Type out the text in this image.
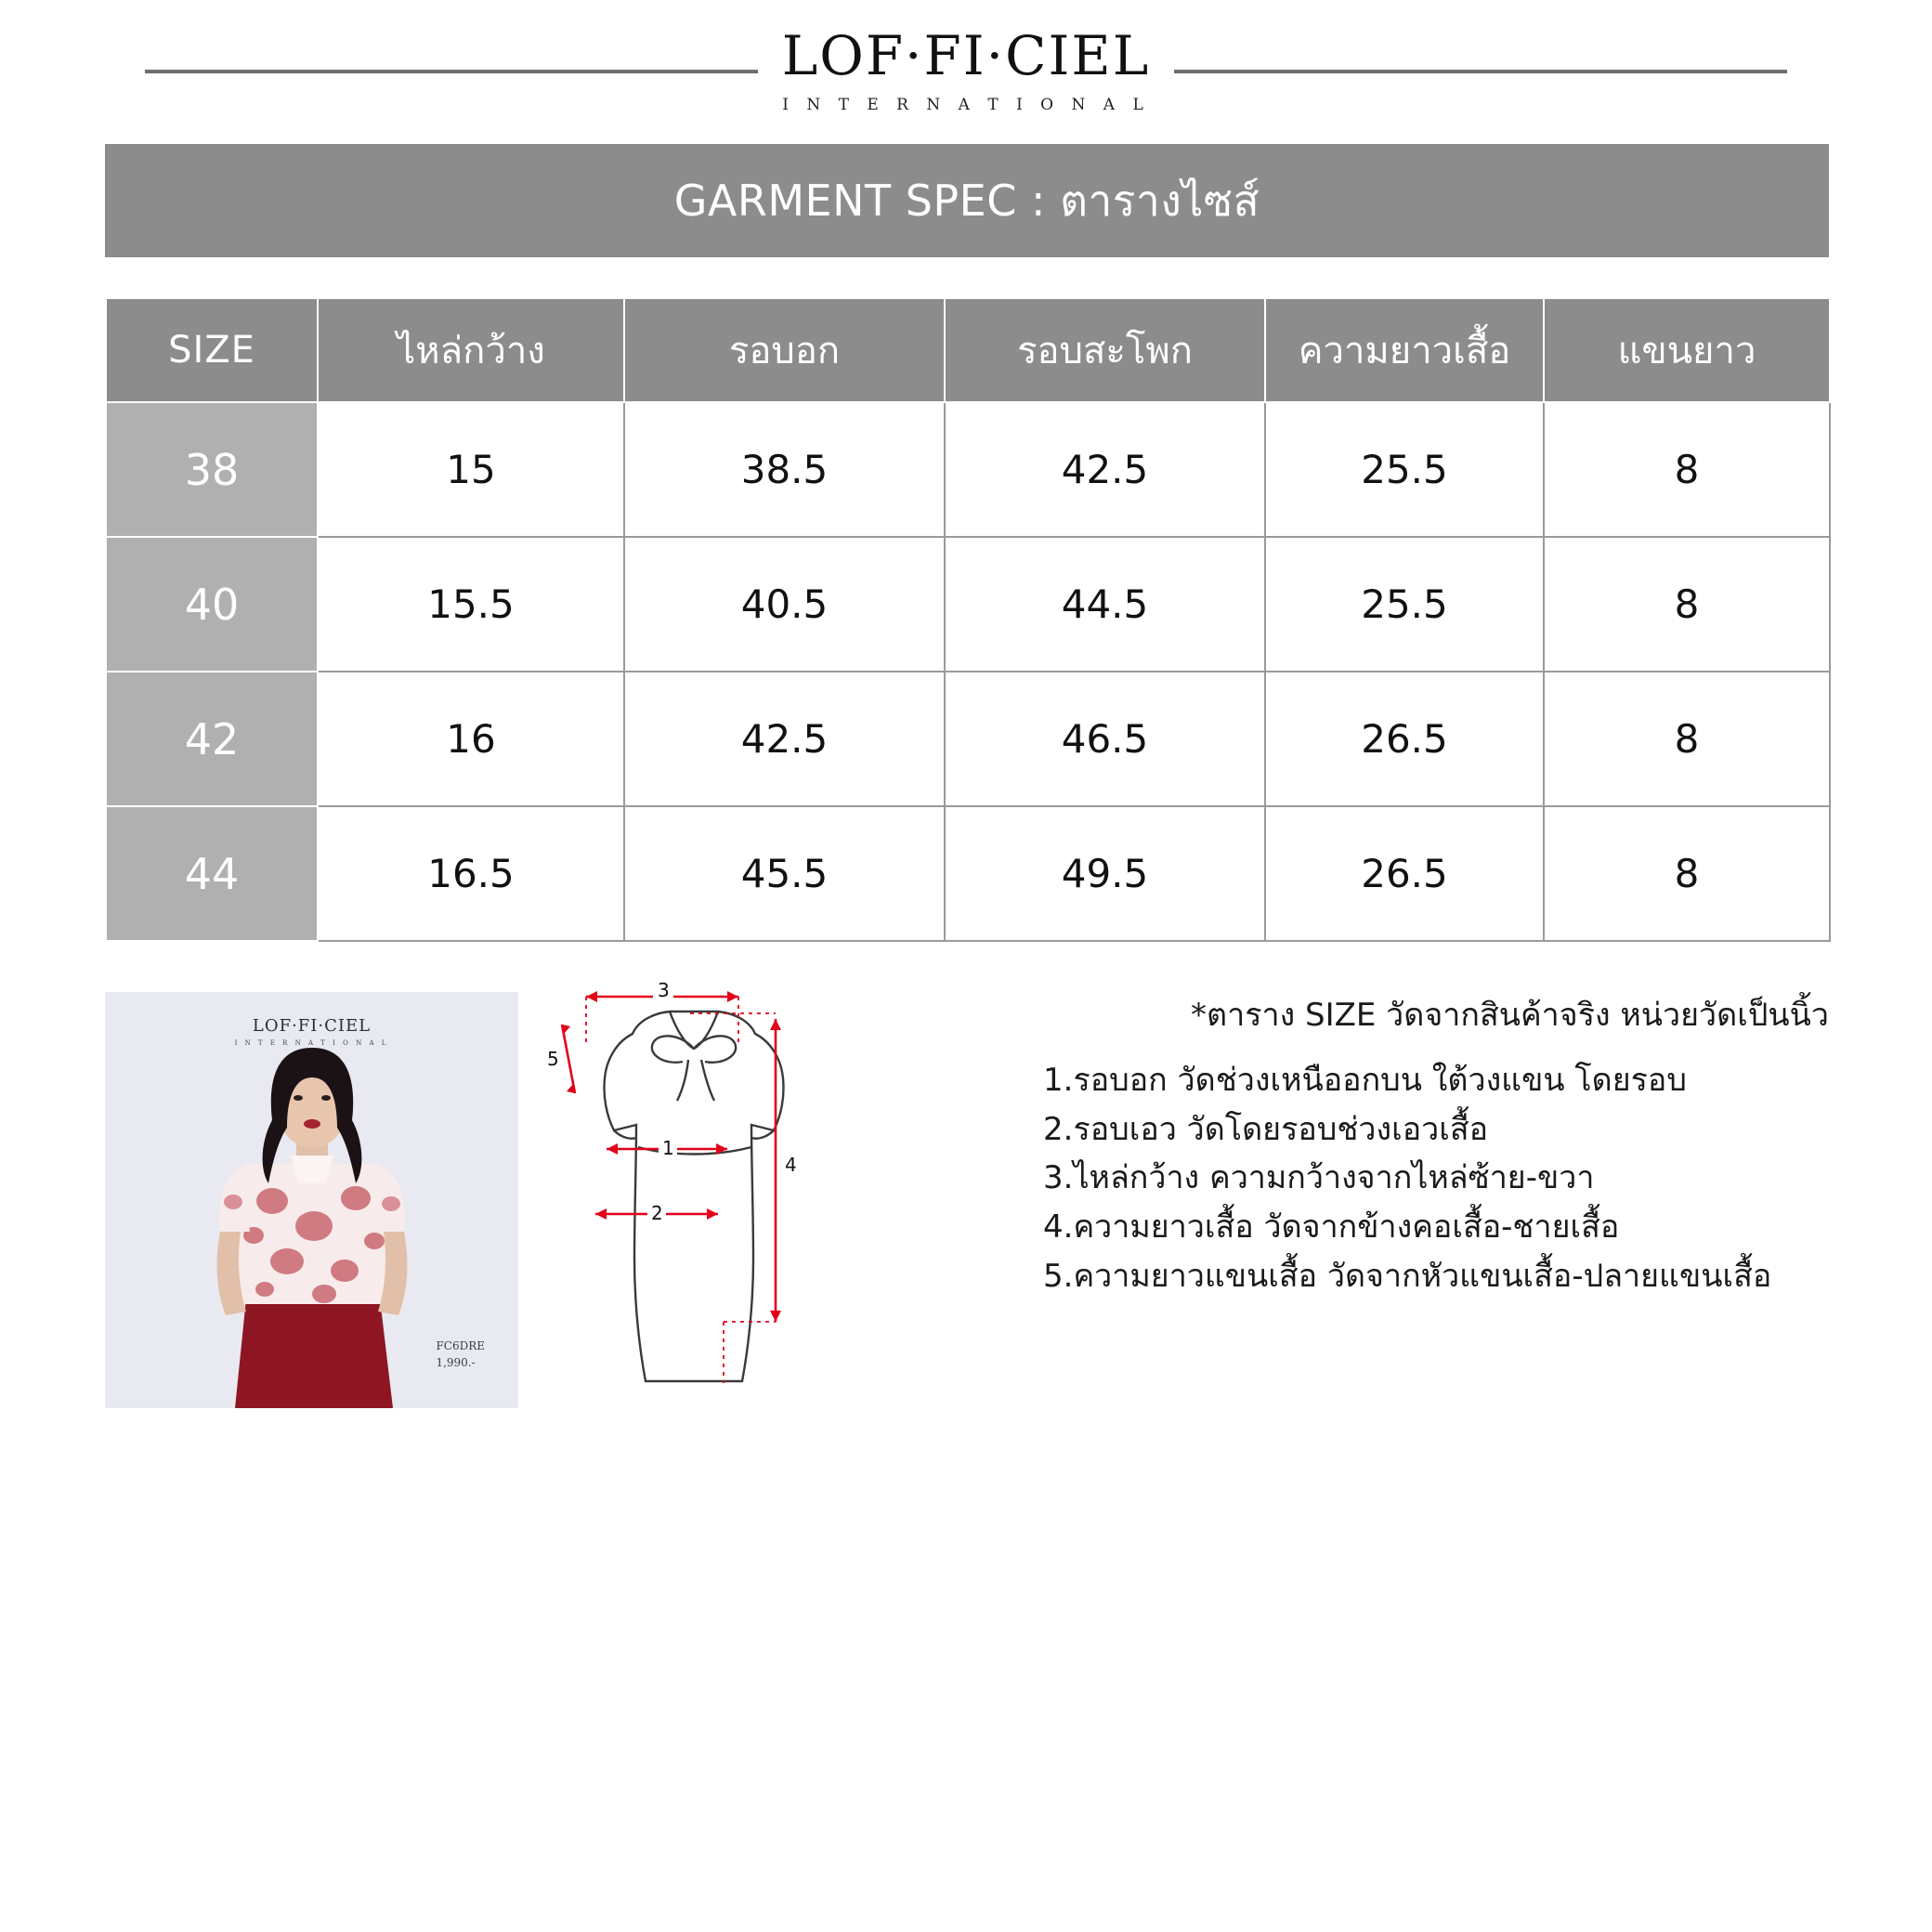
LOF·FI·CIEL
I N T E R N A T I O N A L
GARMENT SPEC : ตารางไซส์
SIZE	ไหล่กว้าง	รอบอก	รอบสะโพก	ความยาวเสื้อ	แขนยาว
38	15	38.5	42.5	25.5	8
40	15.5	40.5	44.5	25.5	8
42	16	42.5	46.5	26.5	8
44	16.5	45.5	49.5	26.5	8
LOF·FI·CIEL
I N T E R N A T I O N A L
FC6DRE
1,990.-
3
1
2
4
5
*ตาราง SIZE วัดจากสินค้าจริง หน่วยวัดเป็นนิ้ว
1.รอบอก วัดช่วงเหนืออกบน ใต้วงแขน โดยรอบ
2.รอบเอว วัดโดยรอบช่วงเอวเสื้อ
3.ไหล่กว้าง ความกว้างจากไหล่ซ้าย-ขวา
4.ความยาวเสื้อ วัดจากข้างคอเสื้อ-ชายเสื้อ
5.ความยาวแขนเสื้อ วัดจากหัวแขนเสื้อ-ปลายแขนเสื้อ
